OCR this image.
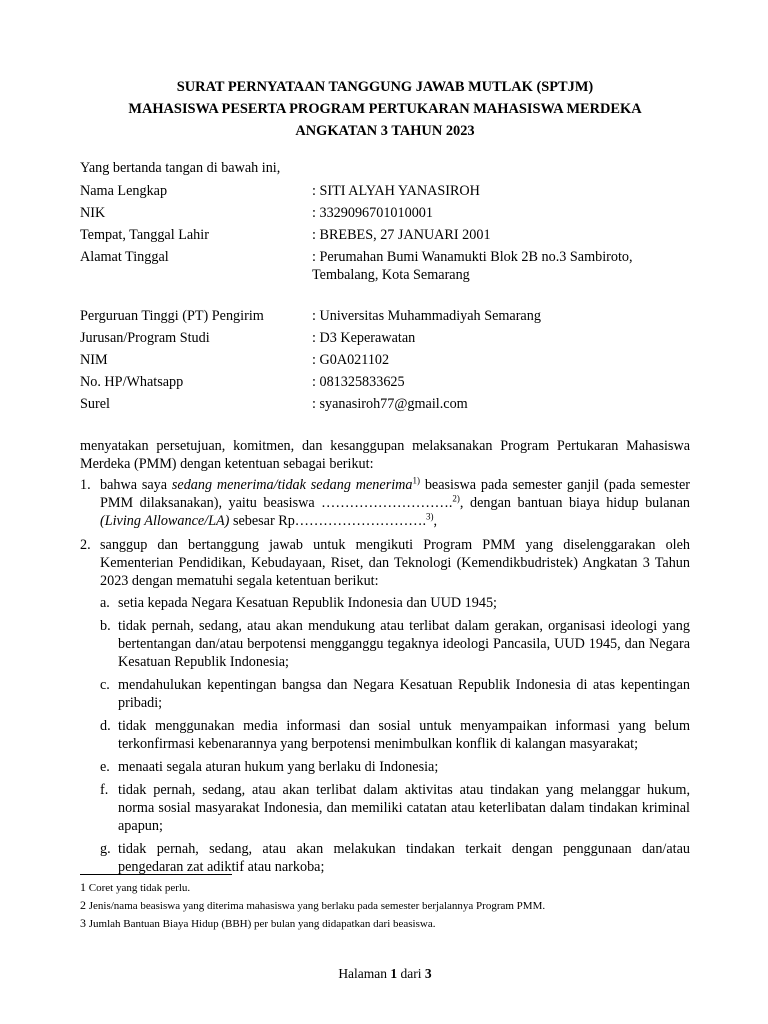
SURAT PERNYATAAN TANGGUNG JAWAB MUTLAK (SPTJM)
MAHASISWA PESERTA PROGRAM PERTUKARAN MAHASISWA MERDEKA
ANGKATAN 3 TAHUN 2023
Yang bertanda tangan di bawah ini,
Nama Lengkap	: SITI ALYAH YANASIROH
NIK	: 3329096701010001
Tempat, Tanggal Lahir	: BREBES, 27 JANUARI 2001
Alamat Tinggal	: Perumahan Bumi Wanamukti Blok 2B no.3 Sambiroto,
Tembalang, Kota Semarang
Perguruan Tinggi (PT) Pengirim	: Universitas Muhammadiyah Semarang
Jurusan/Program Studi	: D3 Keperawatan
NIM	: G0A021102
No. HP/Whatsapp	: 081325833625
Surel	: syanasiroh77@gmail.com
menyatakan persetujuan, komitmen, dan kesanggupan melaksanakan Program Pertukaran Mahasiswa Merdeka (PMM) dengan ketentuan sebagai berikut:
1. bahwa saya sedang menerima/tidak sedang menerima$^{1)}$ beasiswa pada semester ganjil (pada semester PMM dilaksanakan), yaitu beasiswa ……………………….$^{2)}$, dengan bantuan biaya hidup bulanan (Living Allowance/LA) sebesar Rp……………………….$^{3)}$,
2. sanggup dan bertanggung jawab untuk mengikuti Program PMM yang diselenggarakan oleh Kementerian Pendidikan, Kebudayaan, Riset, dan Teknologi (Kemendikbudristek) Angkatan 3 Tahun 2023 dengan mematuhi segala ketentuan berikut:
a. setia kepada Negara Kesatuan Republik Indonesia dan UUD 1945;
b. tidak pernah, sedang, atau akan mendukung atau terlibat dalam gerakan, organisasi ideologi yang bertentangan dan/atau berpotensi mengganggu tegaknya ideologi Pancasila, UUD 1945, dan Negara Kesatuan Republik Indonesia;
c. mendahulukan kepentingan bangsa dan Negara Kesatuan Republik Indonesia di atas kepentingan pribadi;
d. tidak menggunakan media informasi dan sosial untuk menyampaikan informasi yang belum terkonfirmasi kebenarannya yang berpotensi menimbulkan konflik di kalangan masyarakat;
e. menaati segala aturan hukum yang berlaku di Indonesia;
f. tidak pernah, sedang, atau akan terlibat dalam aktivitas atau tindakan yang melanggar hukum, norma sosial masyarakat Indonesia, dan memiliki catatan atau keterlibatan dalam tindakan kriminal apapun;
g. tidak pernah, sedang, atau akan melakukan tindakan terkait dengan penggunaan dan/atau pengedaran zat adiktif atau narkoba;
1 Coret yang tidak perlu.
2 Jenis/nama beasiswa yang diterima mahasiswa yang berlaku pada semester berjalannya Program PMM.
3 Jumlah Bantuan Biaya Hidup (BBH) per bulan yang didapatkan dari beasiswa.
Halaman 1 dari 3
